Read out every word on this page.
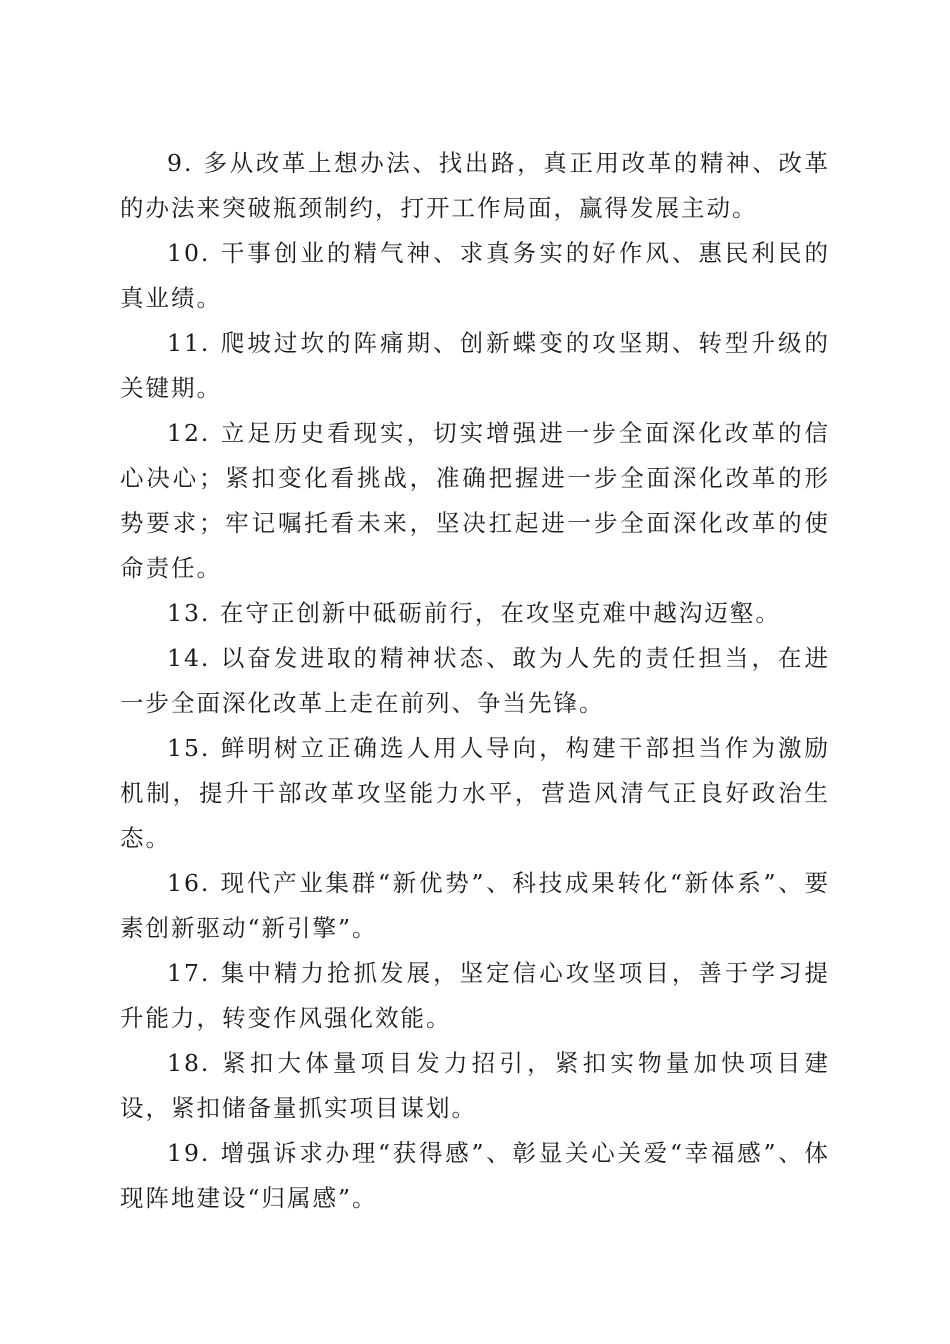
9. 多从改革上想办法、找出路，真正用改革的精神、改革的办法来突破瓶颈制约，打开工作局面，赢得发展主动。

10. 干事创业的精气神、求真务实的好作风、惠民利民的真业绩。

11. 爬坡过坎的阵痛期、创新蝶变的攻坚期、转型升级的关键期。

12. 立足历史看现实，切实增强进一步全面深化改革的信心决心；紧扣变化看挑战，准确把握进一步全面深化改革的形势要求；牢记嘱托看未来，坚决扛起进一步全面深化改革的使命责任。

13. 在守正创新中砥砺前行，在攻坚克难中越沟迈壑。

14. 以奋发进取的精神状态、敢为人先的责任担当，在进一步全面深化改革上走在前列、争当先锋。

15. 鲜明树立正确选人用人导向，构建干部担当作为激励机制，提升干部改革攻坚能力水平，营造风清气正良好政治生态。

16. 现代产业集群“新优势”、科技成果转化“新体系”、要素创新驱动“新引擎”。

17. 集中精力抢抓发展，坚定信心攻坚项目，善于学习提升能力，转变作风强化效能。

18. 紧扣大体量项目发力招引，紧扣实物量加快项目建设，紧扣储备量抓实项目谋划。

19. 增强诉求办理“获得感”、彰显关心关爱“幸福感”、体现阵地建设“归属感”。
